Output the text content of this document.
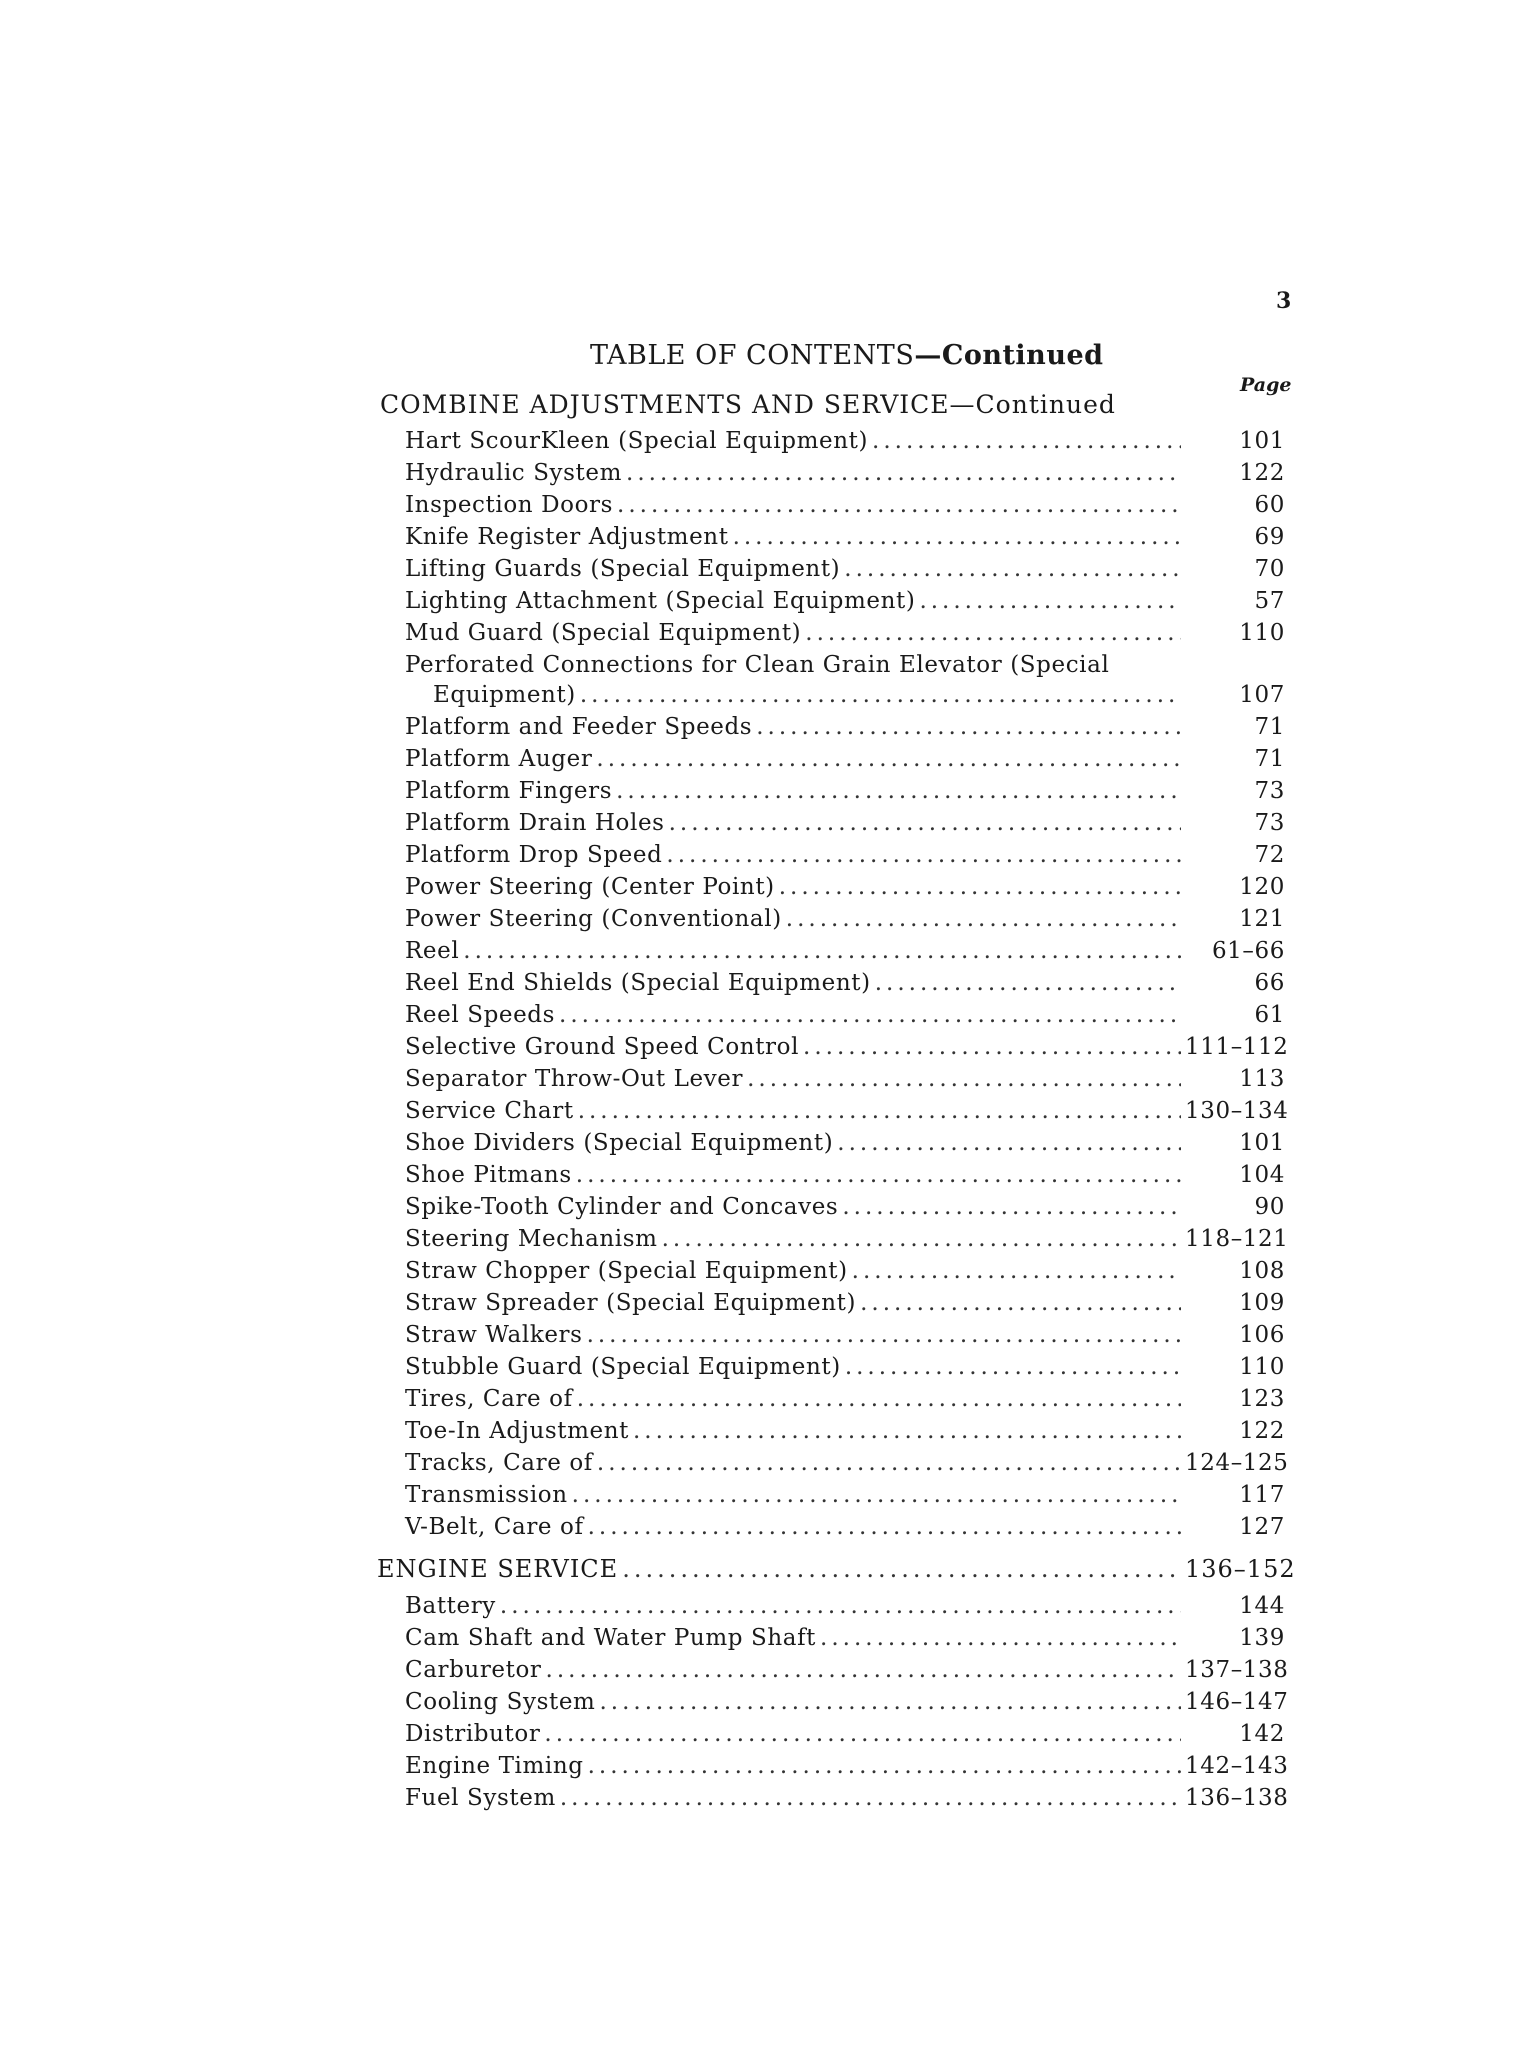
3
TABLE OF CONTENTS—Continued
Page
COMBINE ADJUSTMENTS AND SERVICE—Continued
Hart ScourKleen (Special Equipment) .....	101
Hydraulic System .....	122
Inspection Doors .....	60
Knife Register Adjustment .....	69
Lifting Guards (Special Equipment) .....	70
Lighting Attachment (Special Equipment) .....	57
Mud Guard (Special Equipment) .....	110
Perforated Connections for Clean Grain Elevator (Special
Equipment) .....	107
Platform and Feeder Speeds .....	71
Platform Auger .....	71
Platform Fingers .....	73
Platform Drain Holes .....	73
Platform Drop Speed .....	72
Power Steering (Center Point) .....	120
Power Steering (Conventional) .....	121
Reel .....	61–66
Reel End Shields (Special Equipment) .....	66
Reel Speeds .....	61
Selective Ground Speed Control .....	111–112
Separator Throw-Out Lever .....	113
Service Chart .....	130–134
Shoe Dividers (Special Equipment) .....	101
Shoe Pitmans .....	104
Spike-Tooth Cylinder and Concaves .....	90
Steering Mechanism .....	118–121
Straw Chopper (Special Equipment) .....	108
Straw Spreader (Special Equipment) .....	109
Straw Walkers .....	106
Stubble Guard (Special Equipment) .....	110
Tires, Care of .....	123
Toe-In Adjustment .....	122
Tracks, Care of .....	124–125
Transmission .....	117
V-Belt, Care of .....	127
ENGINE SERVICE .....	136–152
Battery .....	144
Cam Shaft and Water Pump Shaft .....	139
Carburetor .....	137–138
Cooling System .....	146–147
Distributor .....	142
Engine Timing .....	142–143
Fuel System .....	136–138
